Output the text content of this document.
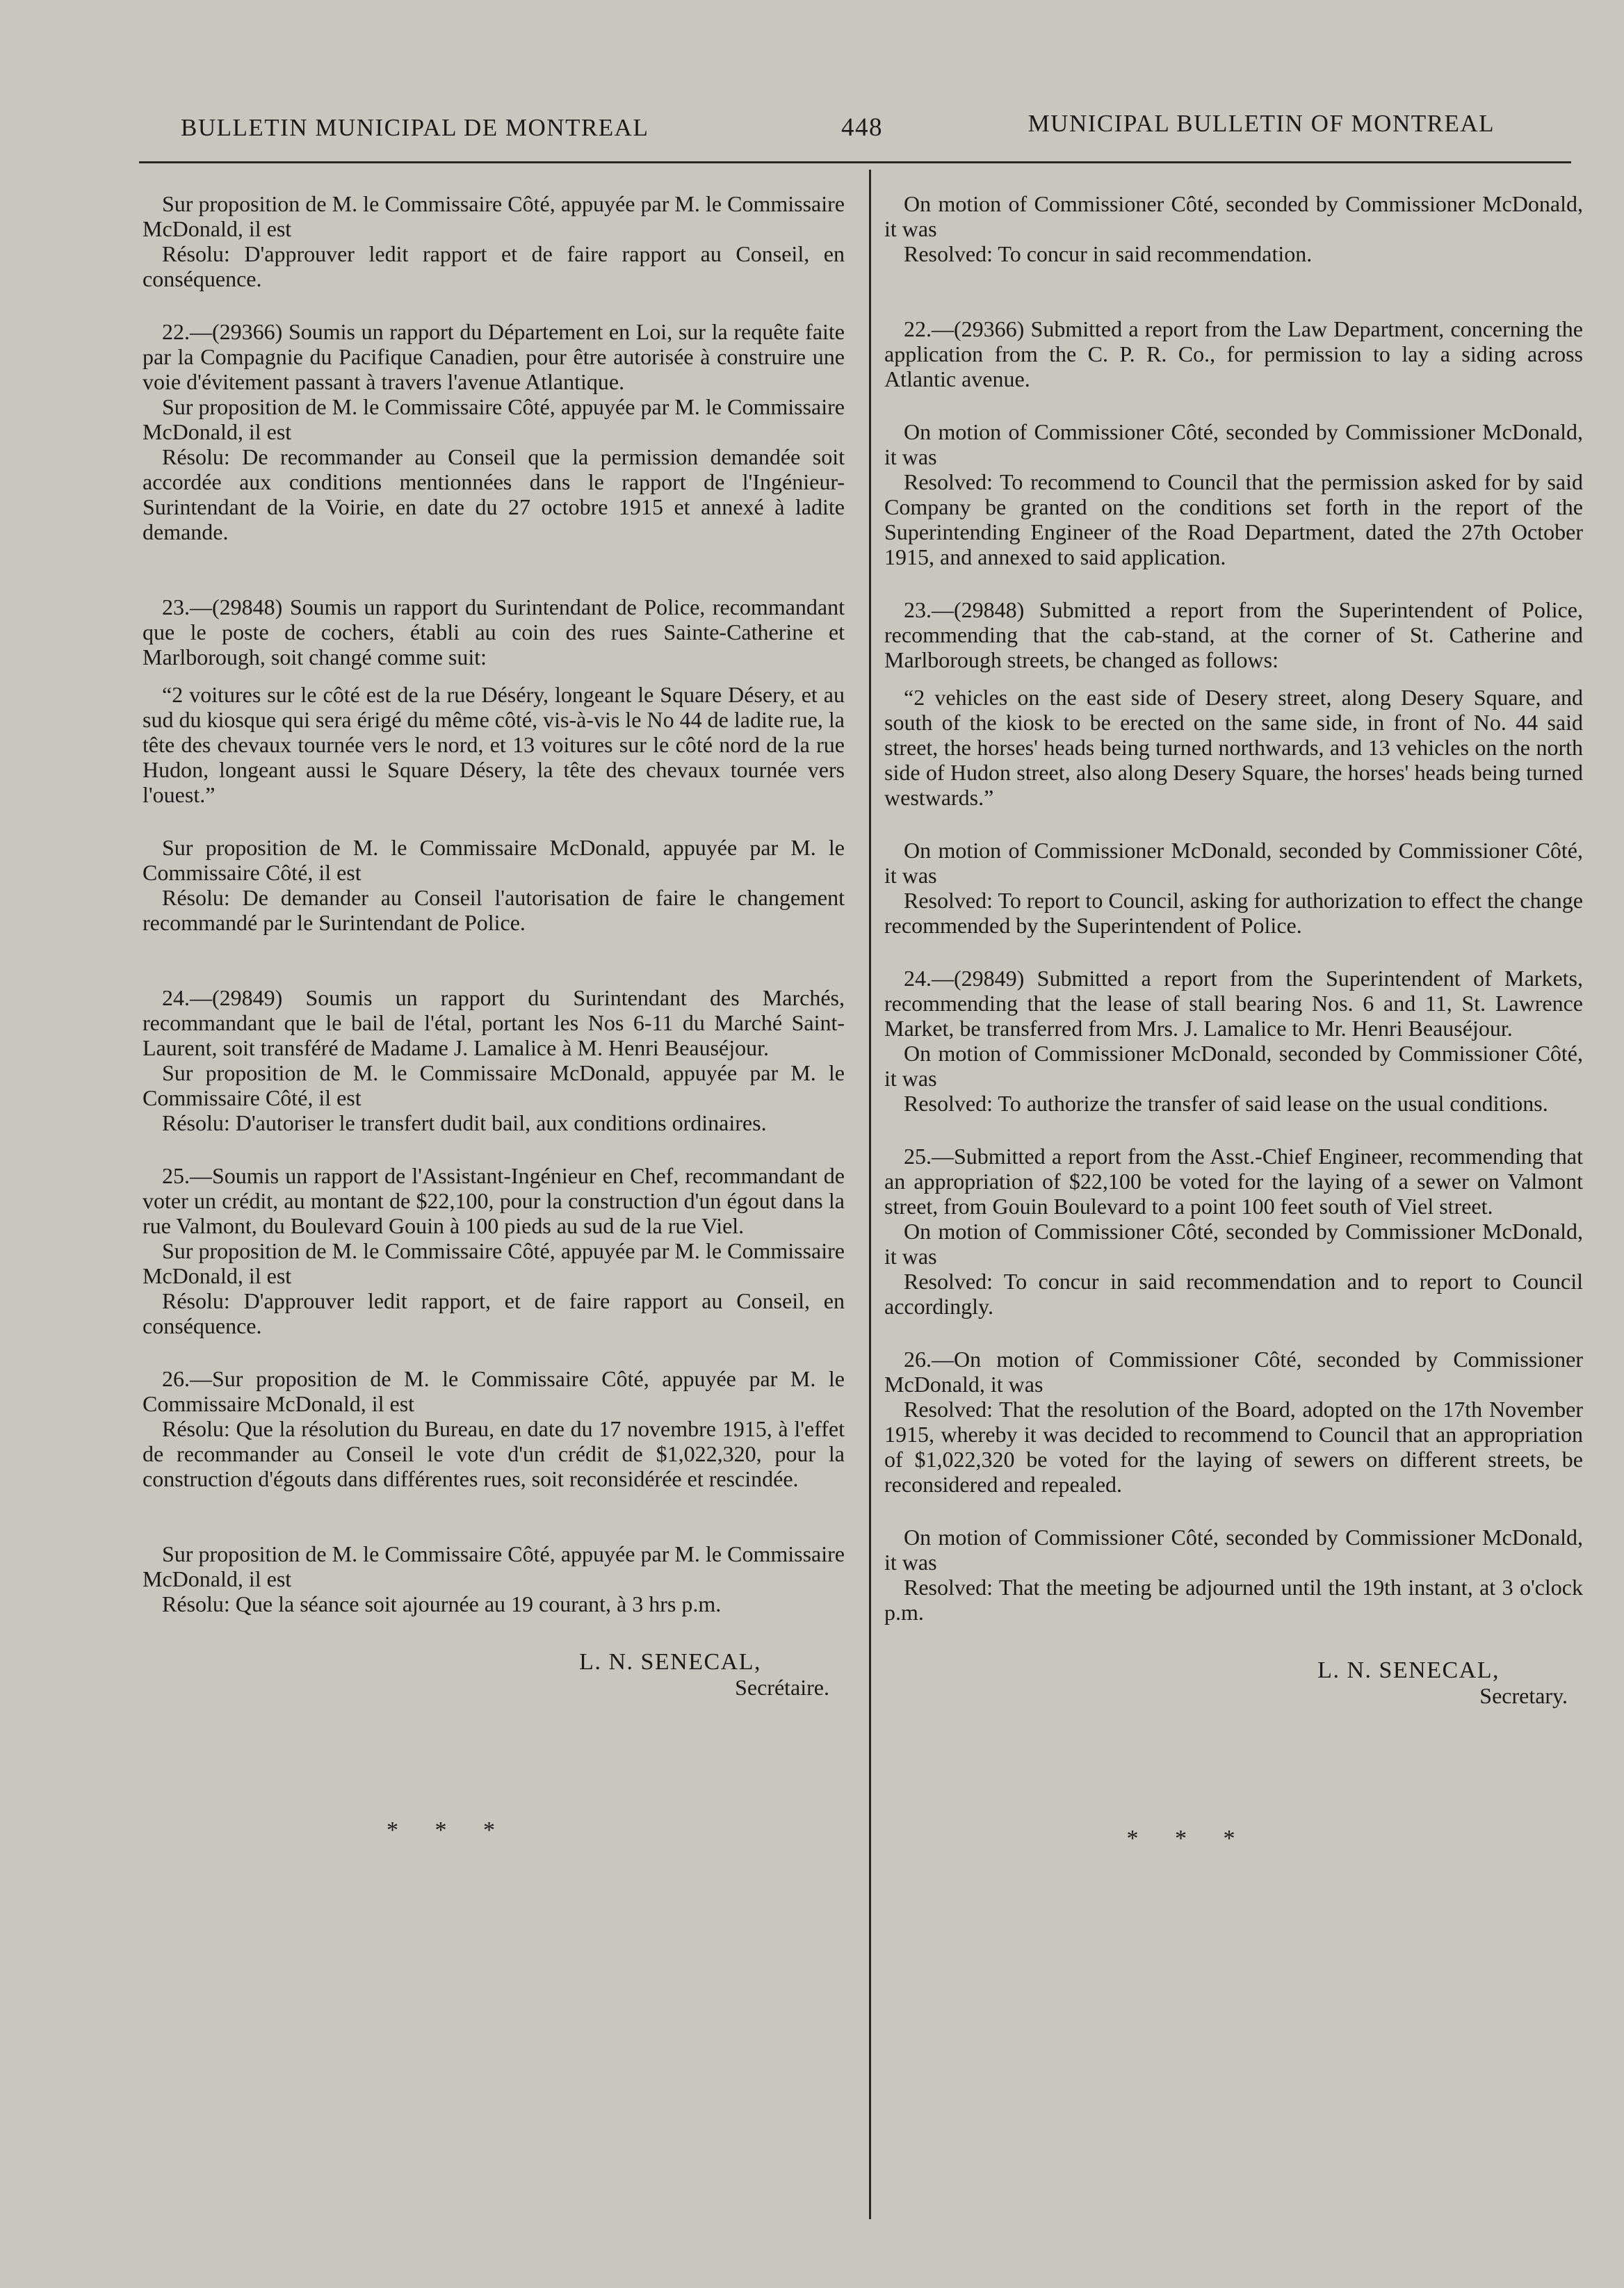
BULLETIN MUNICIPAL DE MONTREAL	448	MUNICIPAL BULLETIN OF MONTREAL

Sur proposition de M. le Commissaire Côté, appuyée par M. le Commissaire McDonald, il est

Résolu: D'approuver ledit rapport et de faire rapport au Conseil, en conséquence.

22.—(29366) Soumis un rapport du Département en Loi, sur la requête faite par la Compagnie du Pacifique Canadien, pour être autorisée à construire une voie d'évitement passant à travers l'avenue Atlantique.

Sur proposition de M. le Commissaire Côté, appuyée par M. le Commissaire McDonald, il est

Résolu: De recommander au Conseil que la permission demandée soit accordée aux conditions mentionnées dans le rapport de l'Ingénieur-Surintendant de la Voirie, en date du 27 octobre 1915 et annexé à ladite demande.

23.—(29848) Soumis un rapport du Surintendant de Police, recommandant que le poste de cochers, établi au coin des rues Sainte-Catherine et Marlborough, soit changé comme suit:

“2 voitures sur le côté est de la rue Déséry, longeant le Square Désery, et au sud du kiosque qui sera érigé du même côté, vis-à-vis le No 44 de ladite rue, la tête des chevaux tournée vers le nord, et 13 voitures sur le côté nord de la rue Hudon, longeant aussi le Square Désery, la tête des chevaux tournée vers l'ouest.”

Sur proposition de M. le Commissaire McDonald, appuyée par M. le Commissaire Côté, il est

Résolu: De demander au Conseil l'autorisation de faire le changement recommandé par le Surintendant de Police.

24.—(29849) Soumis un rapport du Surintendant des Marchés, recommandant que le bail de l'étal, portant les Nos 6-11 du Marché Saint-Laurent, soit transféré de Madame J. Lamalice à M. Henri Beauséjour.

Sur proposition de M. le Commissaire McDonald, appuyée par M. le Commissaire Côté, il est

Résolu: D'autoriser le transfert dudit bail, aux conditions ordinaires.

25.—Soumis un rapport de l'Assistant-Ingénieur en Chef, recommandant de voter un crédit, au montant de $22,100, pour la construction d'un égout dans la rue Valmont, du Boulevard Gouin à 100 pieds au sud de la rue Viel.

Sur proposition de M. le Commissaire Côté, appuyée par M. le Commissaire McDonald, il est

Résolu: D'approuver ledit rapport, et de faire rapport au Conseil, en conséquence.

26.—Sur proposition de M. le Commissaire Côté, appuyée par M. le Commissaire McDonald, il est

Résolu: Que la résolution du Bureau, en date du 17 novembre 1915, à l'effet de recommander au Conseil le vote d'un crédit de $1,022,320, pour la construction d'égouts dans différentes rues, soit reconsidérée et rescindée.

Sur proposition de M. le Commissaire Côté, appuyée par M. le Commissaire McDonald, il est

Résolu: Que la séance soit ajournée au 19 courant, à 3 hrs p.m.

L. N. SENECAL,
Secrétaire.
* * *

On motion of Commissioner Côté, seconded by Commissioner McDonald, it was

Resolved: To concur in said recommendation.

22.—(29366) Submitted a report from the Law Department, concerning the application from the C. P. R. Co., for permission to lay a siding across Atlantic avenue.

On motion of Commissioner Côté, seconded by Commissioner McDonald, it was

Resolved: To recommend to Council that the permission asked for by said Company be granted on the conditions set forth in the report of the Superintending Engineer of the Road Department, dated the 27th October 1915, and annexed to said application.

23.—(29848) Submitted a report from the Superintendent of Police, recommending that the cab-stand, at the corner of St. Catherine and Marlborough streets, be changed as follows:

“2 vehicles on the east side of Desery street, along Desery Square, and south of the kiosk to be erected on the same side, in front of No. 44 said street, the horses' heads being turned northwards, and 13 vehicles on the north side of Hudon street, also along Desery Square, the horses' heads being turned westwards.”

On motion of Commissioner McDonald, seconded by Commissioner Côté, it was

Resolved: To report to Council, asking for authorization to effect the change recommended by the Superintendent of Police.

24.—(29849) Submitted a report from the Superintendent of Markets, recommending that the lease of stall bearing Nos. 6 and 11, St. Lawrence Market, be transferred from Mrs. J. Lamalice to Mr. Henri Beauséjour.

On motion of Commissioner McDonald, seconded by Commissioner Côté, it was

Resolved: To authorize the transfer of said lease on the usual conditions.

25.—Submitted a report from the Asst.-Chief Engineer, recommending that an appropriation of $22,100 be voted for the laying of a sewer on Valmont street, from Gouin Boulevard to a point 100 feet south of Viel street.

On motion of Commissioner Côté, seconded by Commissioner McDonald, it was

Resolved: To concur in said recommendation and to report to Council accordingly.

26.—On motion of Commissioner Côté, seconded by Commissioner McDonald, it was

Resolved: That the resolution of the Board, adopted on the 17th November 1915, whereby it was decided to recommend to Council that an appropriation of $1,022,320 be voted for the laying of sewers on different streets, be reconsidered and repealed.

On motion of Commissioner Côté, seconded by Commissioner McDonald, it was

Resolved: That the meeting be adjourned until the 19th instant, at 3 o'clock p.m.

L. N. SENECAL,
Secretary.
* * *
